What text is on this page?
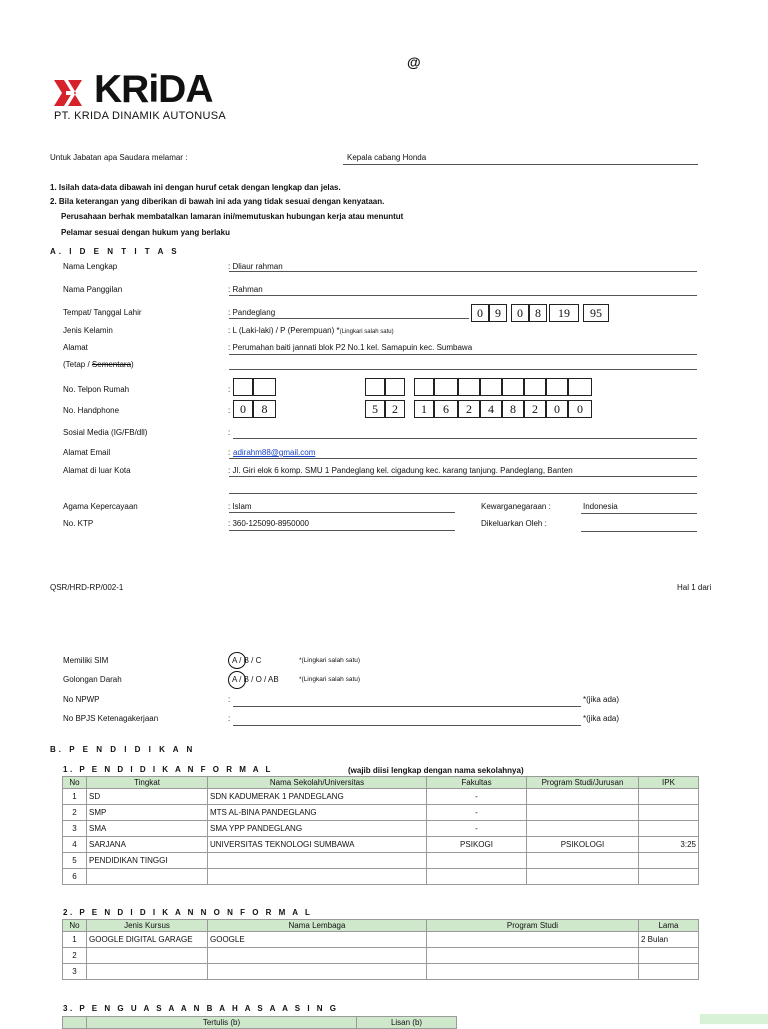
@
KRiDA
PT. KRIDA DINAMIK AUTONUSA
Untuk Jabatan apa Saudara melamar :	Kepala cabang Honda
1. Isilah data-data dibawah ini dengan huruf cetak dengan lengkap dan jelas.
2. Bila keterangan yang diberikan di bawah ini ada yang tidak sesuai dengan kenyataan.
Perusahaan berhak membatalkan lamaran ini/memutuskan hubungan kerja atau menuntut
Pelamar sesuai dengan hukum yang berlaku
A. I D E N T I T A S
Nama Lengkap	: Dliaur rahman
Nama Panggilan	: Rahman
Tempat/ Tanggal Lahir	: Pandeglang	0	9	0	8	19	95
Jenis Kelamin	: L (Laki-laki) / P (Perempuan) *(Lingkari salah satu)
Alamat	: Perumahan baiti jannati blok P2 No.1 kel. Samapuin kec. Sumbawa
(Tetap / Sementara)
No. Telpon Rumah	:
No. Handphone	: 0	8	5	2	1	6	2	4	8	2	0	0
Sosial Media (IG/FB/dll)	:
Alamat Email	: adirahm88@gmail.com
Alamat di luar Kota	: Jl. Giri elok 6 komp. SMU 1 Pandeglang kel. cigadung kec. karang tanjung. Pandeglang, Banten
Agama Kepercayaan	: Islam	Kewarganegaraan :	Indonesia
No. KTP	: 360-125090-8950000	Dikeluarkan Oleh :
QSR/HRD-RP/002-1	Hal 1 dari
Memiliki SIM	A / B / C	*(Lingkari salah satu)
Golongan Darah	A / B / O / AB	*(Lingkari salah satu)
No NPWP	:	*(jika ada)
No BPJS Ketenagakerjaan	:	*(jika ada)
B. P E N D I D I K A N
1. P E N D I D I K A N F O R M A L	(wajib diisi lengkap dengan nama sekolahnya)
No	Tingkat	Nama Sekolah/Universitas	Fakultas	Program Studi/Jurusan	IPK
1	SD	SDN KADUMERAK 1 PANDEGLANG	-		
2	SMP	MTS AL-BINA PANDEGLANG	-		
3	SMA	SMA YPP PANDEGLANG	-		
4	SARJANA	UNIVERSITAS TEKNOLOGI SUMBAWA	PSIKOGI	PSIKOLOGI	3:25
5	PENDIDIKAN TINGGI				
6					
2. P E N D I D I K A N N O N F O R M A L
No	Jenis Kursus	Nama Lembaga	Program Studi	Lama
1	GOOGLE DIGITAL GARAGE	GOOGLE		2 Bulan
2				
3				
3. P E N G U A S A A N B A H A S A A S I N G
	Tertulis (b)	Lisan (b)
